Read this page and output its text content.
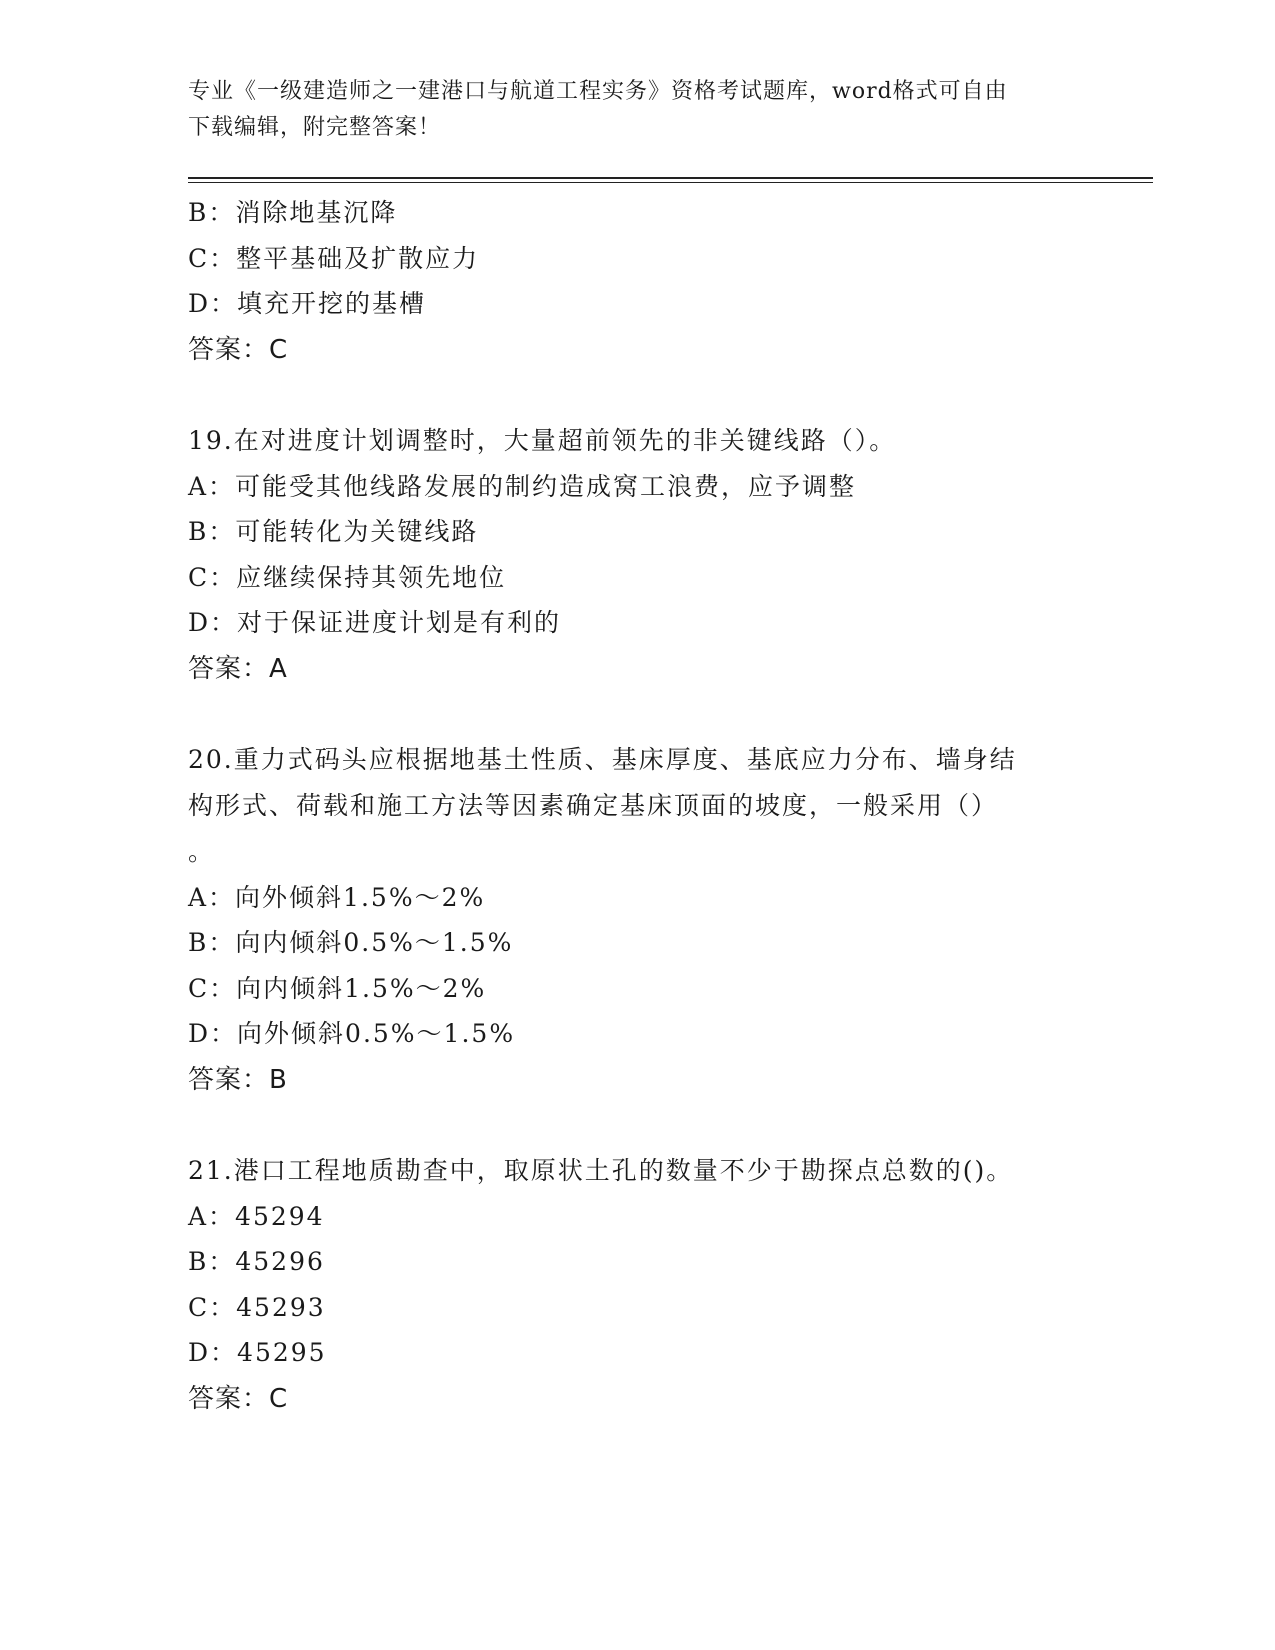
专业《一级建造师之一建港口与航道工程实务》资格考试题库，word格式可自由
下载编辑，附完整答案！
B：消除地基沉降
C：整平基础及扩散应力
D：填充开挖的基槽
答案：C
19.在对进度计划调整时，大量超前领先的非关键线路（）。
A：可能受其他线路发展的制约造成窝工浪费，应予调整
B：可能转化为关键线路
C：应继续保持其领先地位
D：对于保证进度计划是有利的
答案：A
20.重力式码头应根据地基土性质、基床厚度、基底应力分布、墙身结
构形式、荷载和施工方法等因素确定基床顶面的坡度，一般采用（）
。
A：向外倾斜1.5%～2%
B：向内倾斜0.5%～1.5%
C：向内倾斜1.5%～2%
D：向外倾斜0.5%～1.5%
答案：B
21.港口工程地质勘查中，取原状土孔的数量不少于勘探点总数的()。
A：45294
B：45296
C：45293
D：45295
答案：C
